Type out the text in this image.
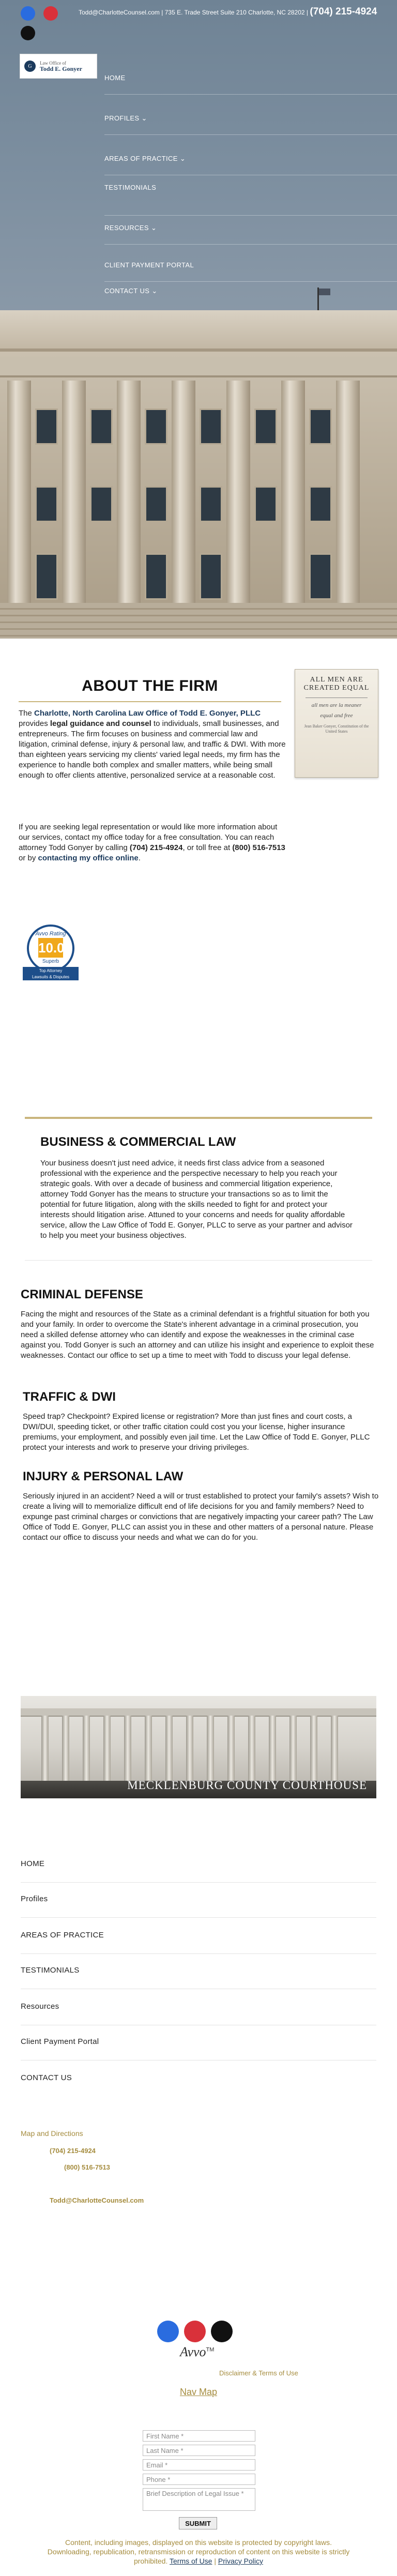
Todd@CharlotteCounsel.com | 735 E. Trade Street Suite 210 Charlotte, NC 28202 | (704) 215-4924
G
Law Office of
Todd E. Gonyer
HOME
PROFILES ⌄
AREAS OF PRACTICE ⌄
TESTIMONIALS
RESOURCES ⌄
CLIENT PAYMENT PORTAL
CONTACT US ⌄
ABOUT THE FIRM
The Charlotte, North Carolina Law Office of Todd E. Gonyer, PLLC provides legal guidance and counsel to individuals, small businesses, and entrepreneurs. The firm focuses on business and commercial law and litigation, criminal defense, injury & personal law, and traffic & DWI. With more than eighteen years servicing my clients' varied legal needs, my firm has the experience to handle both complex and smaller matters, while being small enough to offer clients attentive, personalized service at a reasonable cost.
If you are seeking legal representation or would like more information about our services, contact my office today for a free consultation. You can reach attorney Todd Gonyer by calling (704) 215-4924, or toll free at (800) 516-7513 or by contacting my office online.
ALL MEN ARE
CREATED EQUAL
all men are la meaner
equal and free
Jean Baker Gonyer, Constitution of the United States
Avvo Rating
10.0
Superb
Top Attorney
Lawsuits & Disputes
BUSINESS & COMMERCIAL LAW
Your business doesn't just need advice, it needs first class advice from a seasoned professional with the experience and the perspective necessary to help you reach your strategic goals. With over a decade of business and commercial litigation experience, attorney Todd Gonyer has the means to structure your transactions so as to limit the potential for future litigation, along with the skills needed to fight for and protect your interests should litigation arise. Attuned to your concerns and needs for quality affordable service, allow the Law Office of Todd E. Gonyer, PLLC to serve as your partner and advisor to help you meet your business objectives.
CRIMINAL DEFENSE
Facing the might and resources of the State as a criminal defendant is a frightful situation for both you and your family. In order to overcome the State's inherent advantage in a criminal prosecution, you need a skilled defense attorney who can identify and expose the weaknesses in the criminal case against you. Todd Gonyer is such an attorney and can utilize his insight and experience to exploit these weaknesses. Contact our office to set up a time to meet with Todd to discuss your legal defense.
TRAFFIC & DWI
Speed trap? Checkpoint? Expired license or registration? More than just fines and court costs, a DWI/DUI, speeding ticket, or other traffic citation could cost you your license, higher insurance premiums, your employment, and possibly even jail time. Let the Law Office of Todd E. Gonyer, PLLC protect your interests and work to preserve your driving privileges.
INJURY & PERSONAL LAW
Seriously injured in an accident? Need a will or trust established to protect your family's assets? Wish to create a living will to memorialize difficult end of life decisions for you and family members? Need to expunge past criminal charges or convictions that are negatively impacting your career path? The Law Office of Todd E. Gonyer, PLLC can assist you in these and other matters of a personal nature. Please contact our office to discuss your needs and what we can do for you.
MECKLENBURG COUNTY COURTHOUSE
HOME
Profiles
AREAS OF PRACTICE
TESTIMONIALS
Resources
Client Payment Portal
CONTACT US
Map and Directions
(704) 215-4924
(800) 516-7513
Todd@CharlotteCounsel.com
Avvo™
Disclaimer & Terms of Use
Nav Map
First Name *
Last Name *
Email *
Phone *
Brief Description of Legal Issue *
SUBMIT
Content, including images, displayed on this website is protected by copyright laws.
Downloading, republication, retransmission or reproduction of content on this website is strictly
prohibited. Terms of Use | Privacy Policy
